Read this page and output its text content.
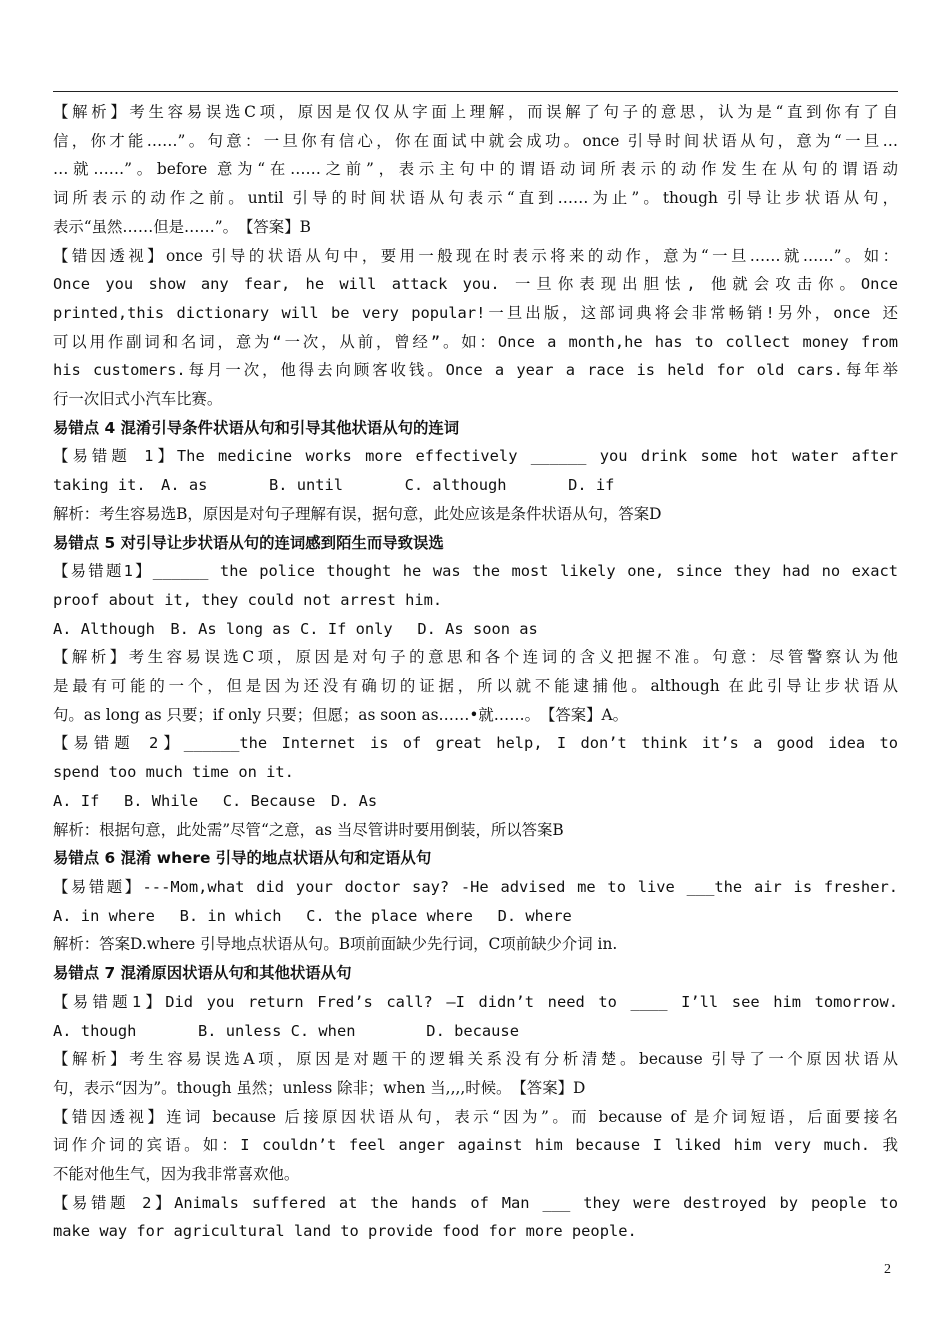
【解析】考生容易误选C项，原因是仅仅从字面上理解，而误解了句子的意思，认为是“直到你有了自

信，你才能……”。句意：一旦你有信心，你在面试中就会成功。once 引导时间状语从句，意为“一旦…

…就……”。before 意为“在……之前”，表示主句中的谓语动词所表示的动作发生在从句的谓语动

词所表示的动作之前。until 引导的时间状语从句表示“直到……为止”。though 引导让步状语从句，

表示“虽然……但是……”。　【答案】B

【错因透视】once 引导的状语从句中，要用一般现在时表示将来的动作，意为“一旦……就……”。如：

Once you show any fear, he will attack you. 一旦你表现出胆怯, 他就会攻击你。Once

printed,this dictionary will be very popular!一旦出版，这部词典将会非常畅销!另外，once 还

可以用作副词和名词，意为“一次，从前，曾经”。如：Once a month,he has to collect money from

his customers.每月一次，他得去向顾客收钱。Once a year a race is held for old cars.每年举

行一次旧式小汽车比赛。

易错点 4 混淆引导条件状语从句和引导其他状语从句的连词

【易错题 1】The medicine works more effectively ______ you drink some hot water after

taking it.　A. as　　　　B. until　　　　C. although　　　　D. if

解析：考生容易选B，原因是对句子理解有误，据句意，此处应该是条件状语从句，答案D

易错点 5 对引导让步状语从句的连词感到陌生而导致误选

【易错题1】______ the police thought he was the most likely one, since they had no exact

proof about it, they could not arrest him.

A. Although　B. As long as C. If only　 D. As soon as

【解析】考生容易误选C项，原因是对句子的意思和各个连词的含义把握不准。句意：尽管警察认为他

是最有可能的一个，但是因为还没有确切的证据，所以就不能逮捕他。although 在此引导让步状语从

句。as long as 只要；if only 只要；但愿；as soon as……•就……。　【答案】A。

【易错题 2】______the Internet is of great help, I don’t think it’s a good idea to

spend too much time on it.

A. If　 B. While　 C. Because　D. As

解析：根据句意，此处需”尽管“之意，as 当尽管讲时要用倒装，所以答案B

易错点 6 混淆 where 引导的地点状语从句和定语从句

【易错题】---Mom,what did your doctor say? -He advised me to live ___the air is fresher.

A. in where　 B. in which　 C. the place where　 D. where

解析：答案D.where 引导地点状语从句。B项前面缺少先行词，C项前缺少介词 in.

易错点 7 混淆原因状语从句和其他状语从句

【易错题1】Did you return Fred’s call? —I didn’t need to ____ I’ll see him tomorrow.

A. though　　　　B. unless C. when　　　　 D. because

【解析】考生容易误选A项，原因是对题干的逻辑关系没有分析清楚。because 引导了一个原因状语从

句，表示“因为”。though 虽然；unless 除非；when 当,,,,时候。　【答案】D

【错因透视】连词 because 后接原因状语从句，表示“因为”。而 because of 是介词短语，后面要接名

词作介词的宾语。如：I couldn’t feel anger against him because I liked him very much. 我

不能对他生气，因为我非常喜欢他。

【易错题 2】Animals suffered at the hands of Man ___ they were destroyed by people to

make way for agricultural land to provide food for more people.

2
